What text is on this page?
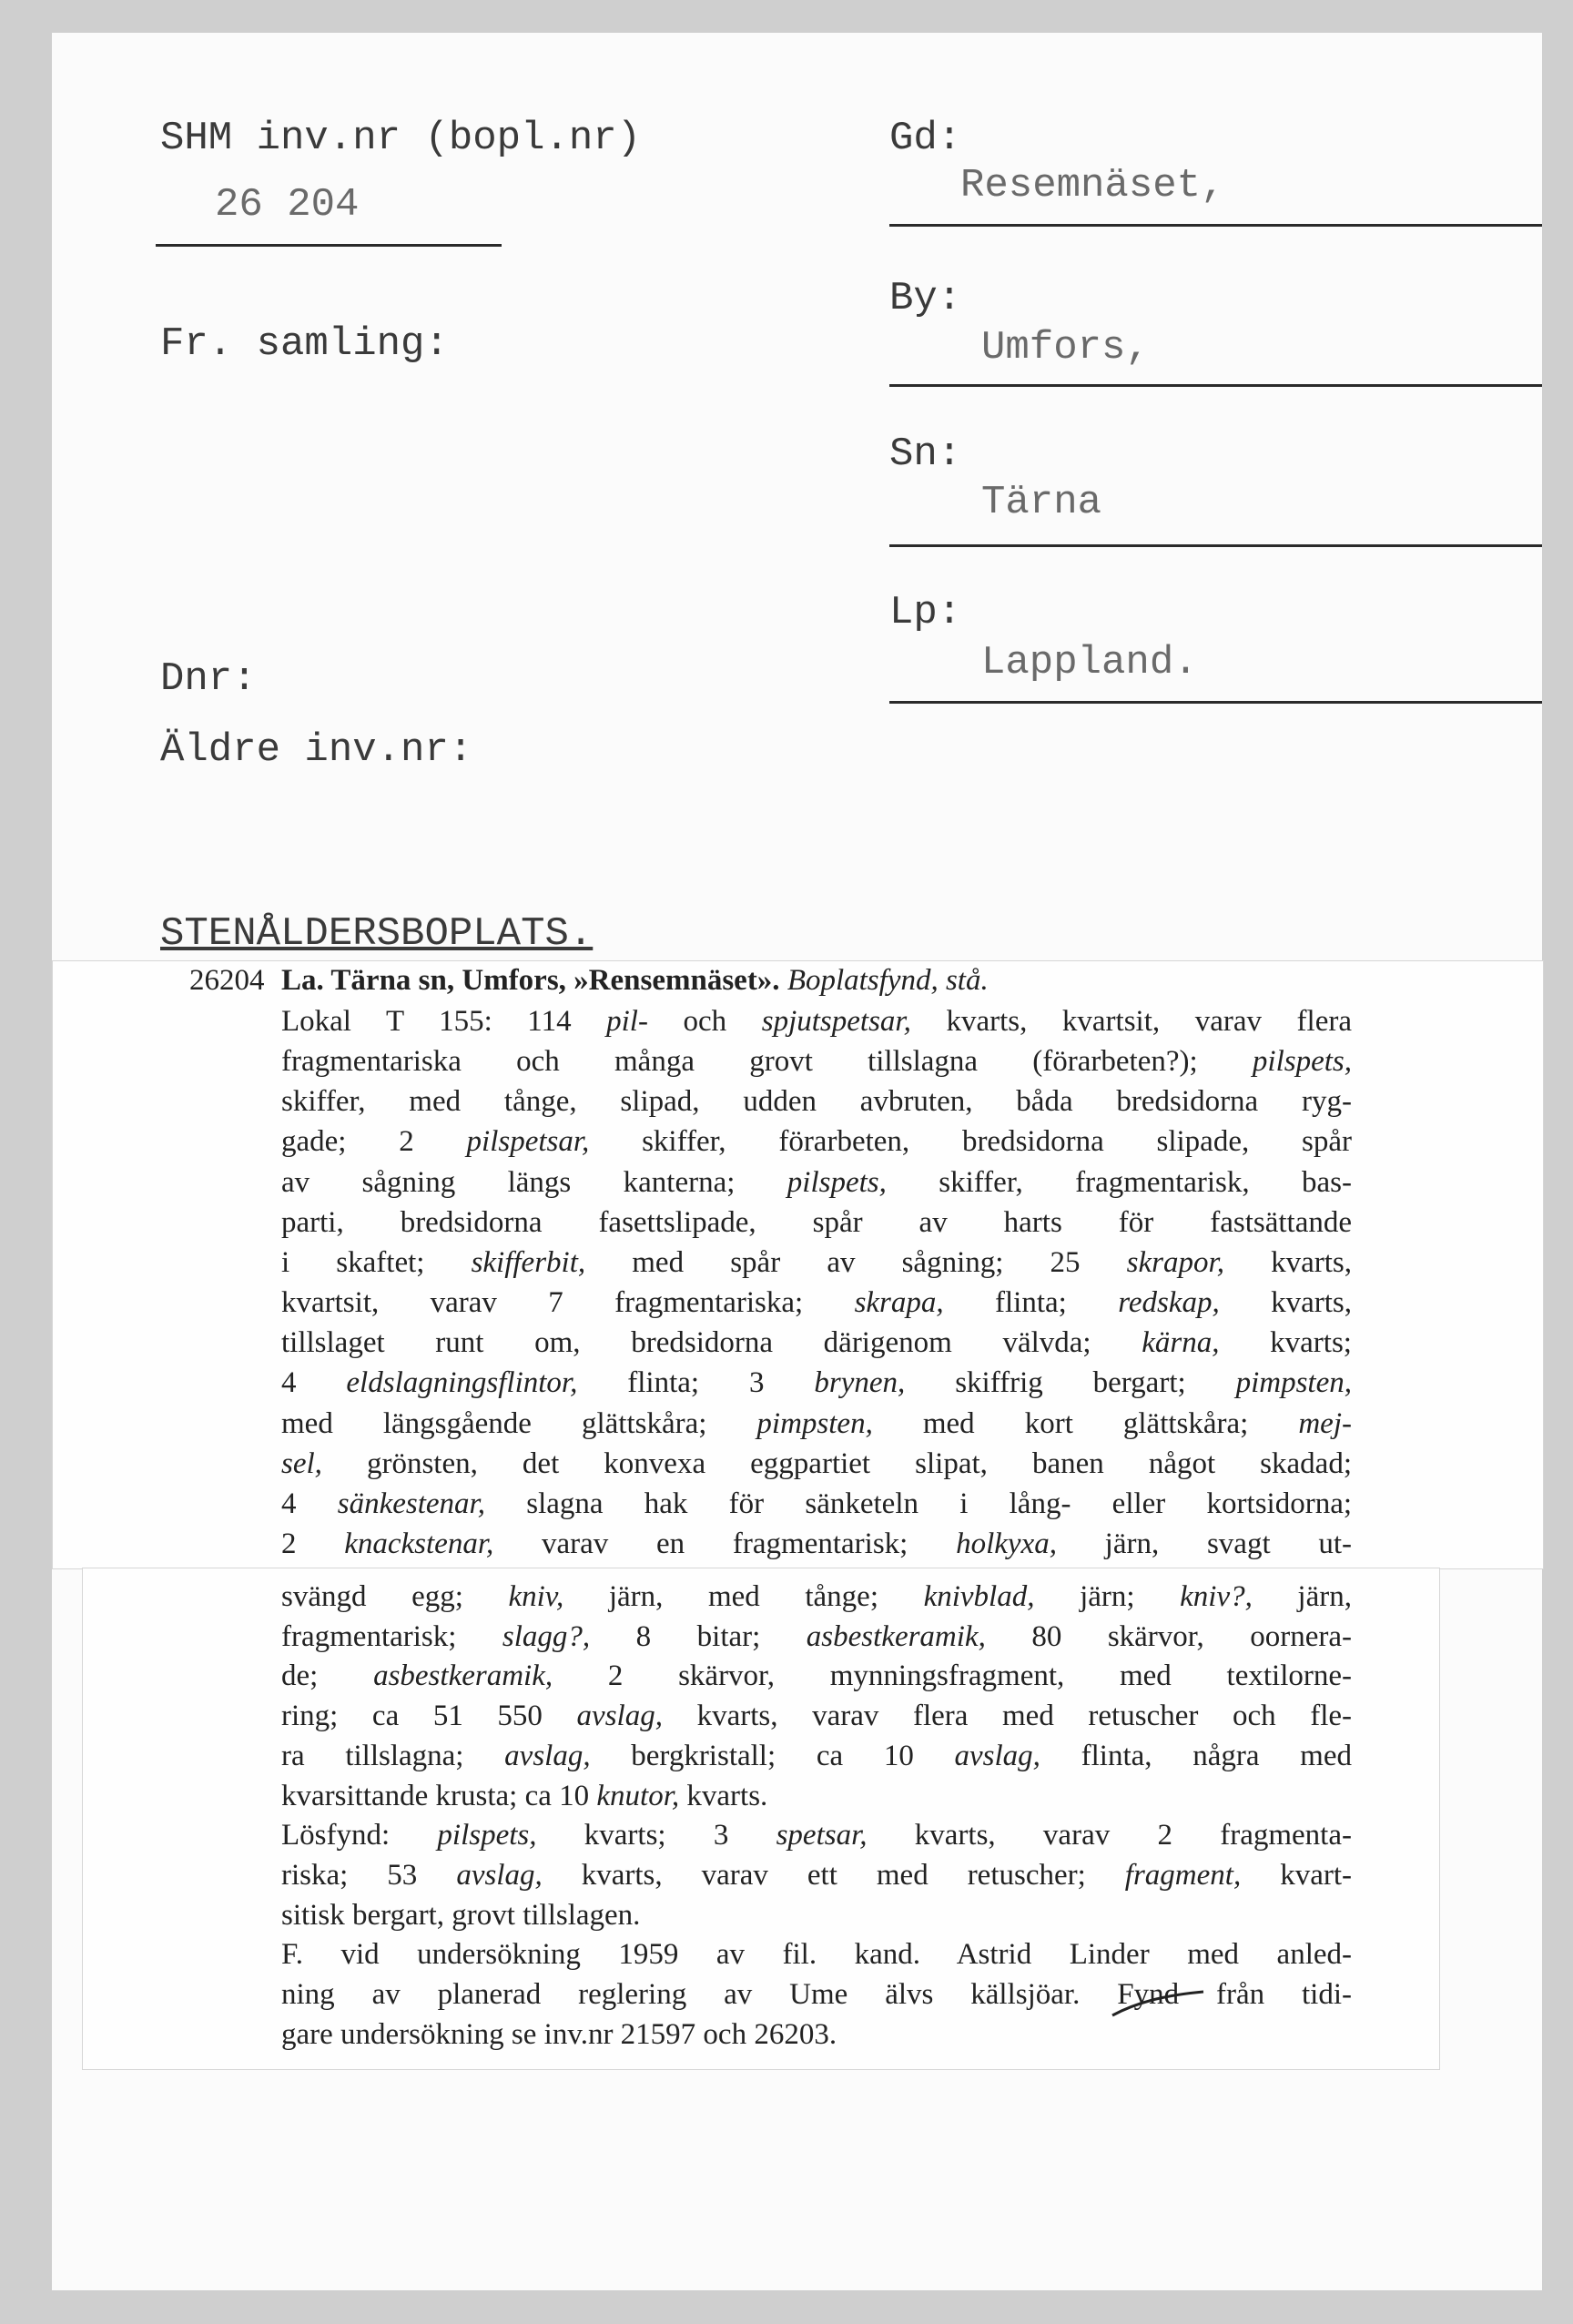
SHM inv.nr (bopl.nr)
26 204
Fr. samling:
Gd:
Resemnäset,
By:
Umfors,
Sn:
Tärna
Lp:
Lappland.
Dnr:
Äldre inv.nr:
STENÅLDERSBOPLATS.
26204 La. Tärna sn, Umfors, »Rensemnäset». Boplatsfynd, stå.
Lokal T 155: 114 pil- och spjutspetsar, kvarts, kvartsit, varav flera
fragmentariska och många grovt tillslagna (förarbeten?); pilspets,
skiffer, med tånge, slipad, udden avbruten, båda bredsidorna ryg-
gade; 2 pilspetsar, skiffer, förarbeten, bredsidorna slipade, spår
av sågning längs kanterna; pilspets, skiffer, fragmentarisk, bas-
parti, bredsidorna fasettslipade, spår av harts för fastsättande
i skaftet; skifferbit, med spår av sågning; 25 skrapor, kvarts,
kvartsit, varav 7 fragmentariska; skrapa, flinta; redskap, kvarts,
tillslaget runt om, bredsidorna därigenom välvda; kärna, kvarts;
4 eldslagningsflintor, flinta; 3 brynen, skiffrig bergart; pimpsten,
med längsgående glättskåra; pimpsten, med kort glättskåra; mej-
sel, grönsten, det konvexa eggpartiet slipat, banen något skadad;
4 sänkestenar, slagna hak för sänketeln i lång- eller kortsidorna;
2 knackstenar, varav en fragmentarisk; holkyxa, järn, svagt ut-
svängd egg; kniv, järn, med tånge; knivblad, järn; kniv?, järn,
fragmentarisk; slagg?, 8 bitar; asbestkeramik, 80 skärvor, oornera-
de; asbestkeramik, 2 skärvor, mynningsfragment, med textilorne-
ring; ca 51 550 avslag, kvarts, varav flera med retuscher och fle-
ra tillslagna; avslag, bergkristall; ca 10 avslag, flinta, några med
kvarsittande krusta; ca 10 knutor, kvarts.
Lösfynd: pilspets, kvarts; 3 spetsar, kvarts, varav 2 fragmenta-
riska; 53 avslag, kvarts, varav ett med retuscher; fragment, kvart-
sitisk bergart, grovt tillslagen.
F. vid undersökning 1959 av fil. kand. Astrid Linder med anled-
ning av planerad reglering av Ume älvs källsjöar. Fynd från tidi-
gare undersökning se inv.nr 21597 och 26203.
